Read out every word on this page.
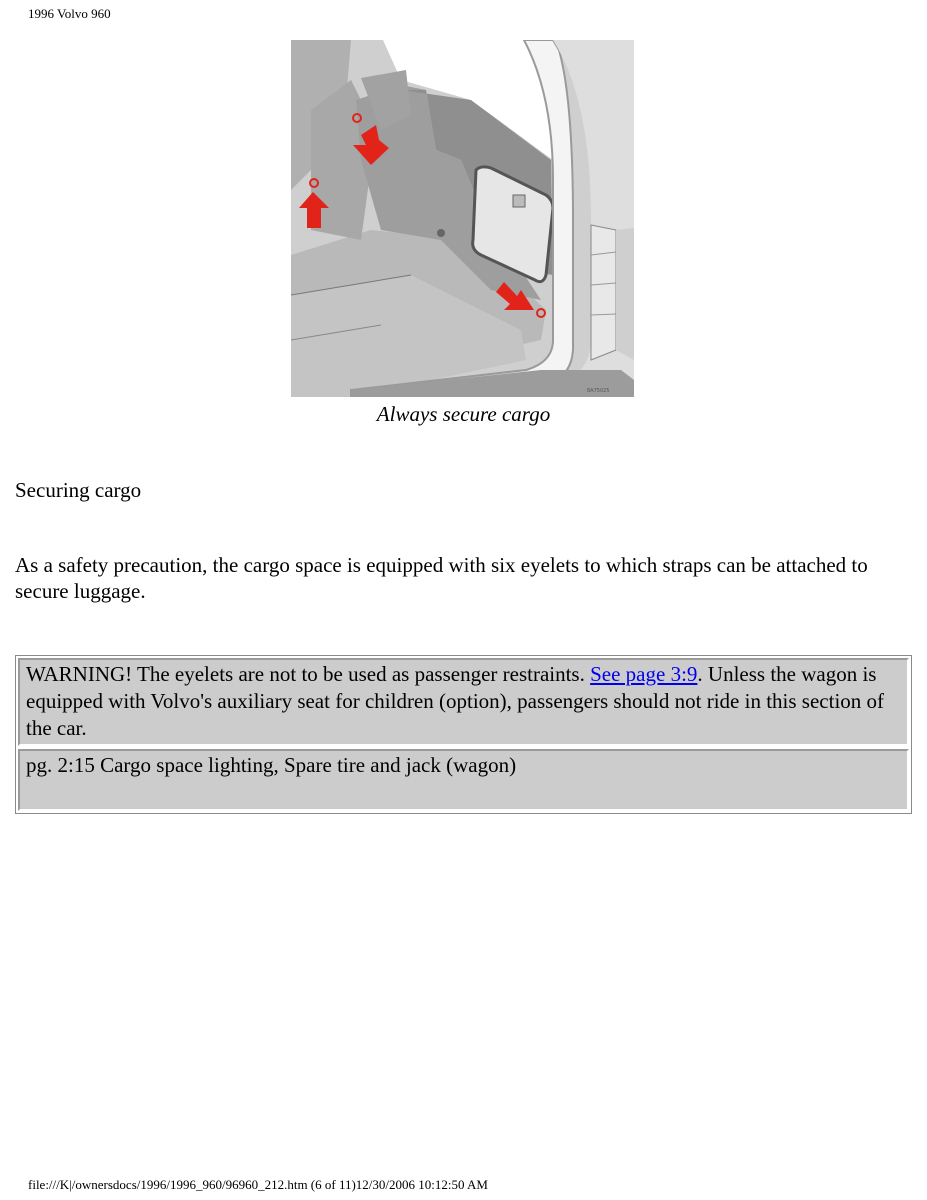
1996 Volvo 960
8A75025
Always secure cargo
Securing cargo
As a safety precaution, the cargo space is equipped with six eyelets to which straps can be attached to secure luggage.
WARNING! The eyelets are not to be used as passenger restraints. See page 3:9. Unless the wagon is equipped with Volvo's auxiliary seat for children (option), passengers should not ride in this section of the car.
pg. 2:15 Cargo space lighting, Spare tire and jack (wagon)
file:///K|/ownersdocs/1996/1996_960/96960_212.htm (6 of 11)12/30/2006 10:12:50 AM
